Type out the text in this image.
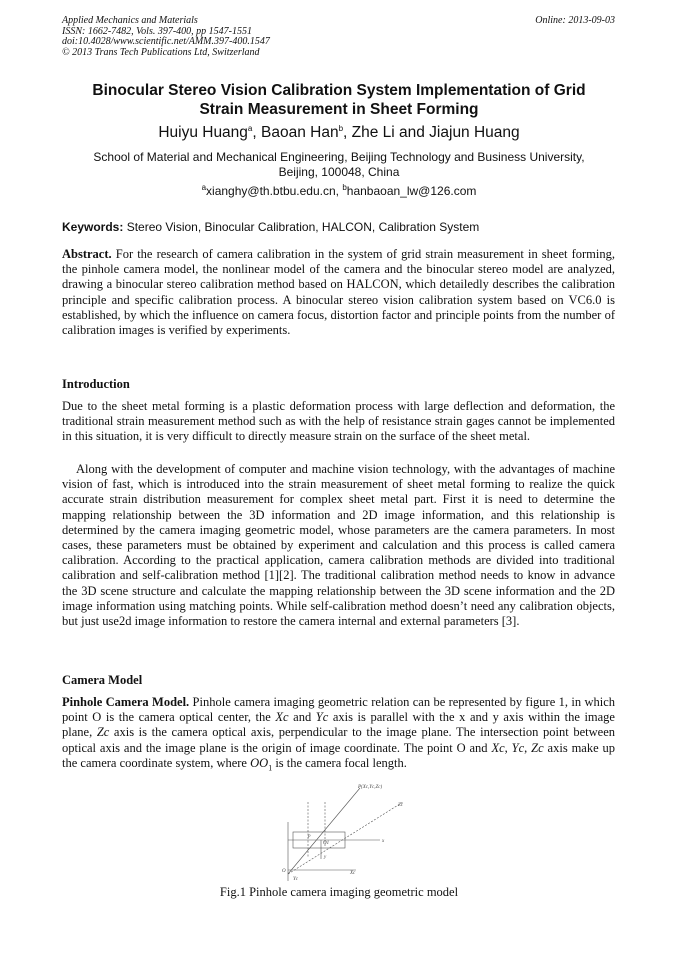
Applied Mechanics and Materials
ISSN: 1662-7482, Vols. 397-400, pp 1547-1551
doi:10.4028/www.scientific.net/AMM.397-400.1547
© 2013 Trans Tech Publications Ltd, Switzerland
Online: 2013-09-03
Binocular Stereo Vision Calibration System Implementation of Grid
Strain Measurement in Sheet Forming
Huiyu Huang$^a$, Baoan Han$^b$, Zhe Li and Jiajun Huang
School of Material and Mechanical Engineering, Beijing Technology and Business University,
Beijing, 100048, China
$^a$xianghy@th.btbu.edu.cn, $^b$hanbaoan_lw@126.com
Keywords: Stereo Vision, Binocular Calibration, HALCON, Calibration System
Abstract. For the research of camera calibration in the system of grid strain measurement in sheet forming, the pinhole camera model, the nonlinear model of the camera and the binocular stereo model are analyzed, drawing a binocular stereo calibration method based on HALCON, which detailedly describes the calibration principle and specific calibration process. A binocular stereo vision calibration system based on VC6.0 is established, by which the influence on camera focus, distortion factor and principle points from the number of calibration images is verified by experiments.
Introduction
Due to the sheet metal forming is a plastic deformation process with large deflection and deformation, the traditional strain measurement method such as with the help of resistance strain gages cannot be implemented in this situation, it is very difficult to directly measure strain on the surface of the sheet metal.
Along with the development of computer and machine vision technology, with the advantages of machine vision of fast, which is introduced into the strain measurement of sheet metal forming to realize the quick accurate strain distribution measurement for complex sheet metal part. First it is need to determine the mapping relationship between the 3D information and 2D image information, and this relationship is determined by the camera imaging geometric model, whose parameters are the camera parameters. In most cases, these parameters must be obtained by experiment and calculation and this process is called camera calibration. According to the practical application, camera calibration methods are divided into traditional calibration and self-calibration method [1][2]. The traditional calibration method needs to know in advance the 3D scene structure and calculate the mapping relationship between the 3D scene information and the 2D image information using matching points. While self-calibration method doesn’t need any calibration objects, but just use2d image information to restore the camera internal and external parameters [3].
Camera Model
Pinhole Camera Model. Pinhole camera imaging geometric relation can be represented by figure 1, in which point O is the camera optical center, the Xc and Yc axis is parallel with the x and y axis within the image plane, Zc axis is the camera optical axis, perpendicular to the image plane. The intersection point between optical axis and the image plane is the origin of image coordinate. The point O and Xc, Yc, Zc axis make up the camera coordinate system, where $OO_1$ is the camera focal length.
P(Xc,Yc,Zc)
Zc
x
Xc
O
Yc
p
O1
y
Fig.1 Pinhole camera imaging geometric model
